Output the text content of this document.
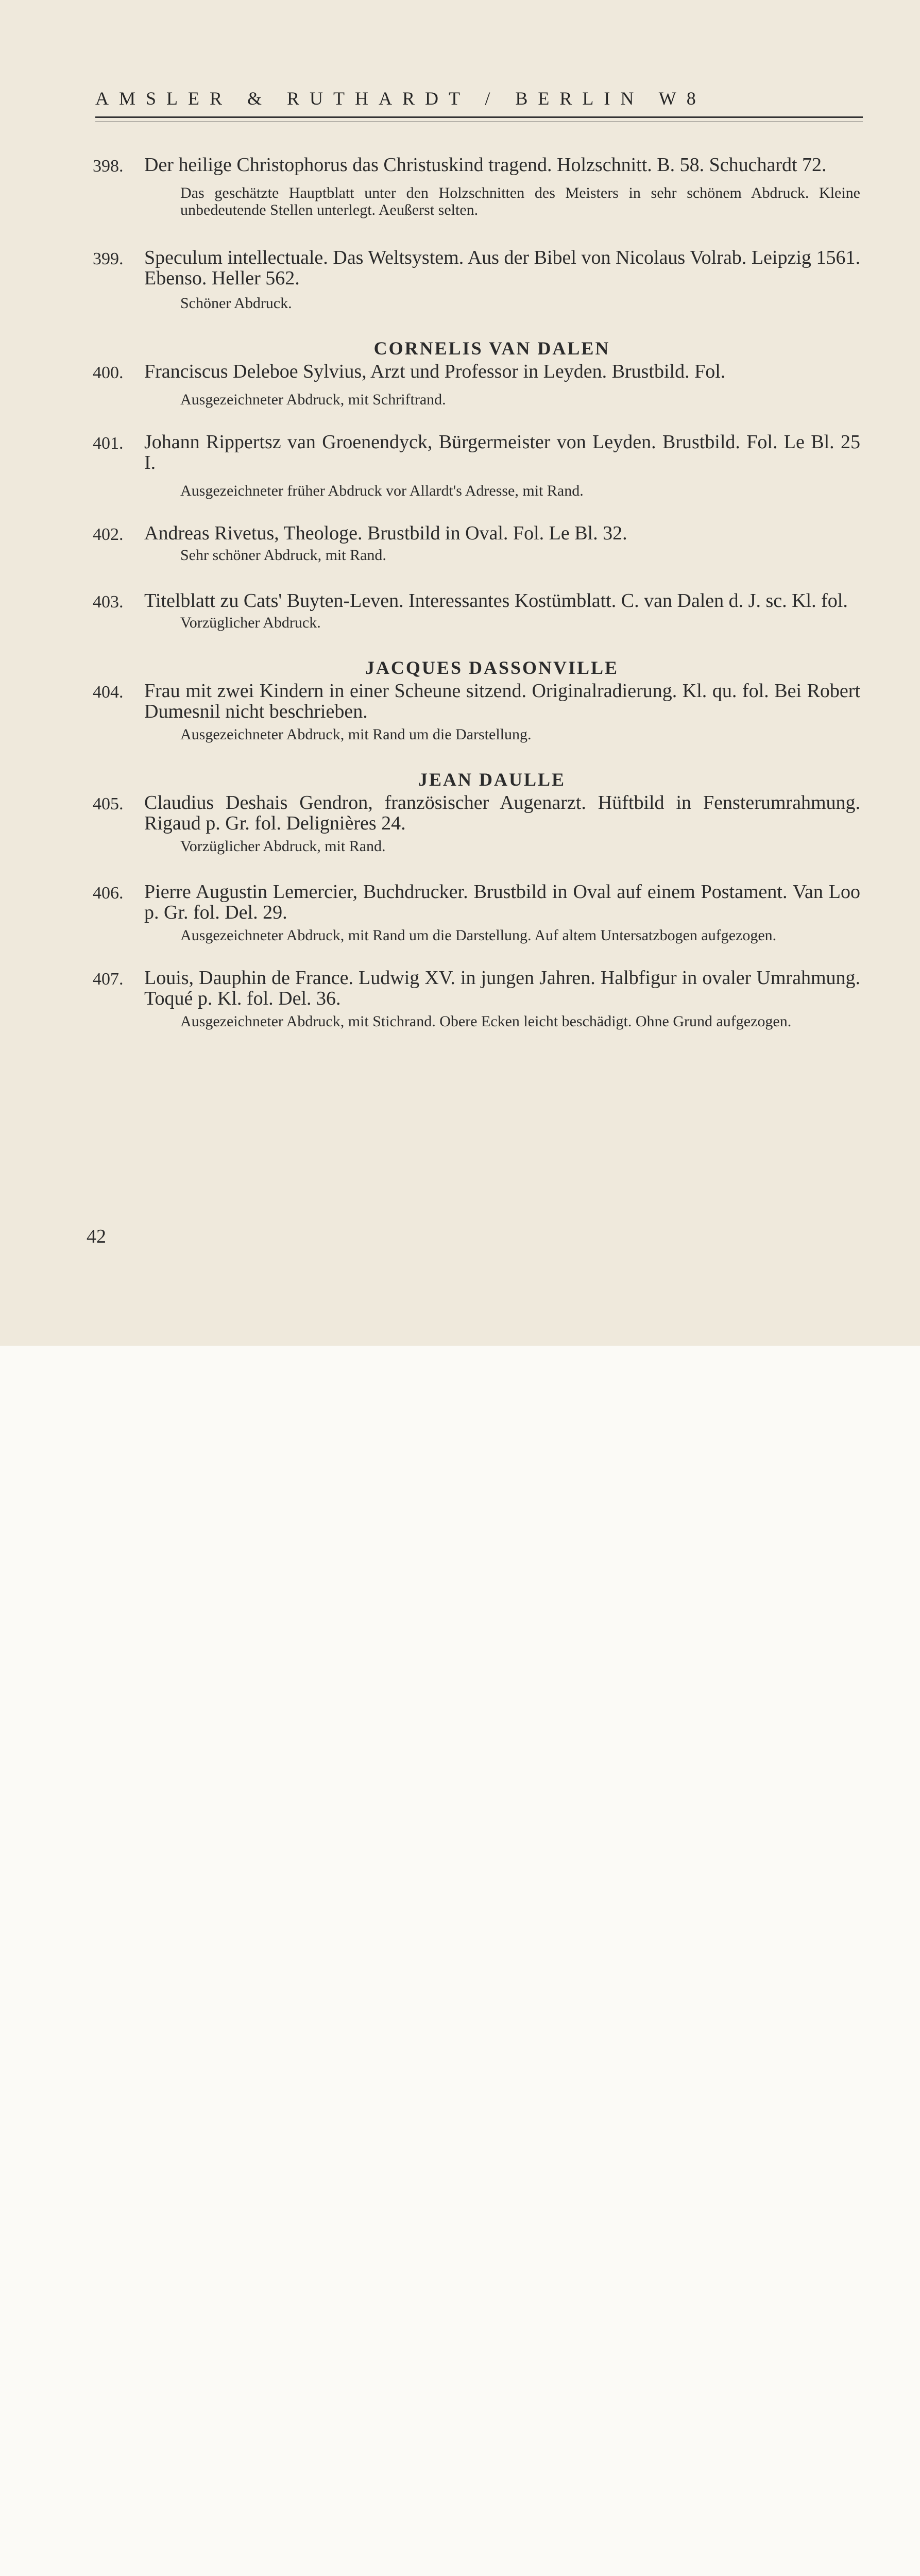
AMSLER & RUTHARDT / BERLIN W8
398. Der heilige Christophorus das Christuskind tragend. Holzschnitt. B. 58. Schuchardt 72.
Das geschätzte Hauptblatt unter den Holzschnitten des Meisters in sehr schönem Abdruck. Kleine unbedeutende Stellen unterlegt. Aeußerst selten.
399. Speculum intellectuale. Das Weltsystem. Aus der Bibel von Nicolaus Volrab. Leipzig 1561. Ebenso. Heller 562.
Schöner Abdruck.
CORNELIS VAN DALEN
400. Franciscus Deleboe Sylvius, Arzt und Professor in Leyden. Brustbild. Fol.
Ausgezeichneter Abdruck, mit Schriftrand.
401. Johann Rippertsz van Groenendyck, Bürgermeister von Leyden. Brustbild. Fol. Le Bl. 25 I.
Ausgezeichneter früher Abdruck vor Allardt's Adresse, mit Rand.
402. Andreas Rivetus, Theologe. Brustbild in Oval. Fol. Le Bl. 32.
Sehr schöner Abdruck, mit Rand.
403. Titelblatt zu Cats' Buyten-Leven. Interessantes Kostümblatt. C. van Dalen d. J. sc. Kl. fol.
Vorzüglicher Abdruck.
JACQUES DASSONVILLE
404. Frau mit zwei Kindern in einer Scheune sitzend. Originalradierung. Kl. qu. fol. Bei Robert Dumesnil nicht beschrieben.
Ausgezeichneter Abdruck, mit Rand um die Darstellung.
JEAN DAULLE
405. Claudius Deshais Gendron, französischer Augenarzt. Hüftbild in Fensterumrahmung. Rigaud p. Gr. fol. Delignières 24.
Vorzüglicher Abdruck, mit Rand.
406. Pierre Augustin Lemercier, Buchdrucker. Brustbild in Oval auf einem Postament. Van Loo p. Gr. fol. Del. 29.
Ausgezeichneter Abdruck, mit Rand um die Darstellung. Auf altem Untersatzbogen aufgezogen.
407. Louis, Dauphin de France. Ludwig XV. in jungen Jahren. Halbfigur in ovaler Umrahmung. Toqué p. Kl. fol. Del. 36.
Ausgezeichneter Abdruck, mit Stichrand. Obere Ecken leicht beschädigt. Ohne Grund aufgezogen.
42
